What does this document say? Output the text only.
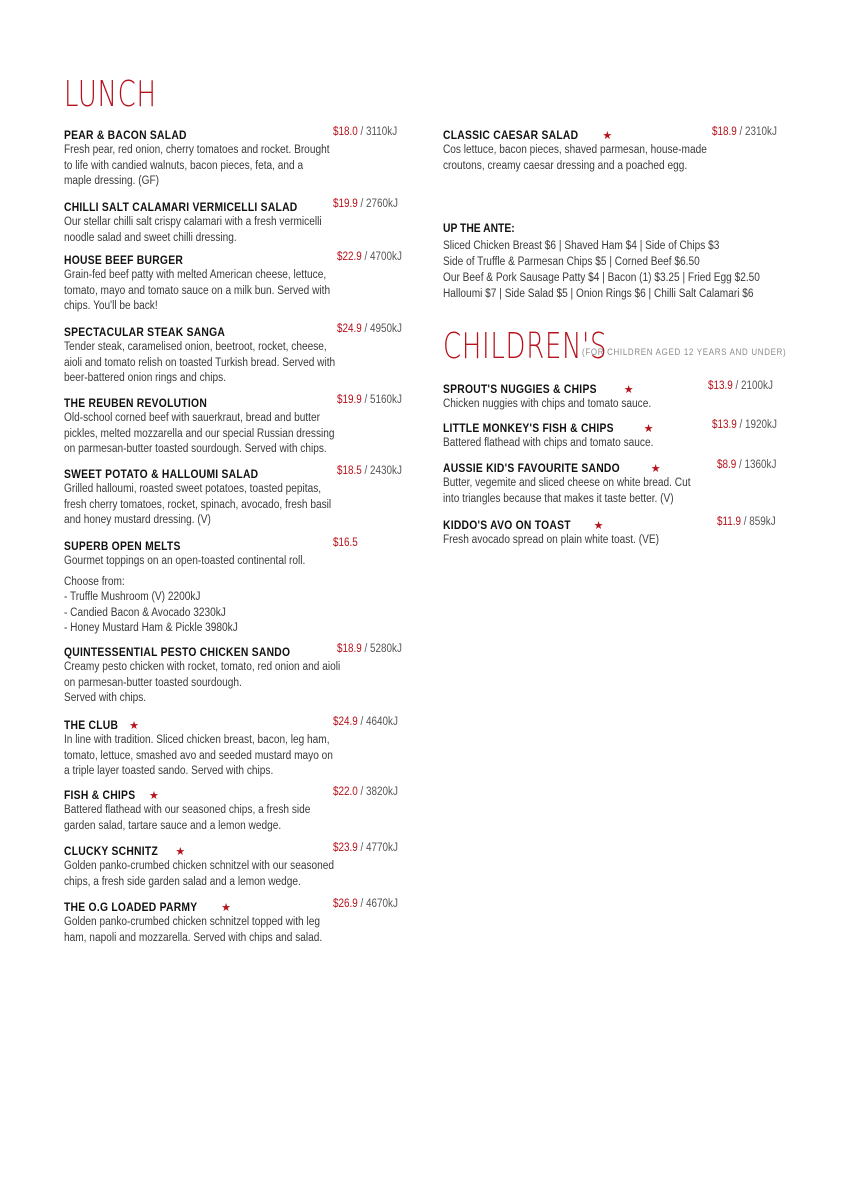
LUNCH
PEAR & BACON SALAD	$18.0 / 3110kJ
Fresh pear, red onion, cherry tomatoes and rocket. Brought
to life with candied walnuts, bacon pieces, feta, and a
maple dressing. (GF)
CHILLI SALT CALAMARI VERMICELLI SALAD	$19.9 / 2760kJ
Our stellar chilli salt crispy calamari with a fresh vermicelli
noodle salad and sweet chilli dressing.
HOUSE BEEF BURGER	$22.9 / 4700kJ
Grain-fed beef patty with melted American cheese, lettuce,
tomato, mayo and tomato sauce on a milk bun. Served with
chips. You'll be back!
SPECTACULAR STEAK SANGA	$24.9 / 4950kJ
Tender steak, caramelised onion, beetroot, rocket, cheese,
aioli and tomato relish on toasted Turkish bread. Served with
beer-battered onion rings and chips.
THE REUBEN REVOLUTION	$19.9 / 5160kJ
Old-school corned beef with sauerkraut, bread and butter
pickles, melted mozzarella and our special Russian dressing
on parmesan-butter toasted sourdough. Served with chips.
SWEET POTATO & HALLOUMI SALAD	$18.5 / 2430kJ
Grilled halloumi, roasted sweet potatoes, toasted pepitas,
fresh cherry tomatoes, rocket, spinach, avocado, fresh basil
and honey mustard dressing. (V)
SUPERB OPEN MELTS	$16.5
Gourmet toppings on an open-toasted continental roll.
Choose from:
- Truffle Mushroom (V) 2200kJ
- Candied Bacon & Avocado 3230kJ
- Honey Mustard Ham & Pickle 3980kJ
QUINTESSENTIAL PESTO CHICKEN SANDO	$18.9 / 5280kJ
Creamy pesto chicken with rocket, tomato, red onion and aioli
on parmesan-butter toasted sourdough.
Served with chips.
THE CLUB ★	$24.9 / 4640kJ
In line with tradition. Sliced chicken breast, bacon, leg ham,
tomato, lettuce, smashed avo and seeded mustard mayo on
a triple layer toasted sando. Served with chips.
FISH & CHIPS ★	$22.0 / 3820kJ
Battered flathead with our seasoned chips, a fresh side
garden salad, tartare sauce and a lemon wedge.
CLUCKY SCHNITZ ★	$23.9 / 4770kJ
Golden panko-crumbed chicken schnitzel with our seasoned
chips, a fresh side garden salad and a lemon wedge.
THE O.G LOADED PARMY ★	$26.9 / 4670kJ
Golden panko-crumbed chicken schnitzel topped with leg
ham, napoli and mozzarella. Served with chips and salad.
CLASSIC CAESAR SALAD ★	$18.9 / 2310kJ
Cos lettuce, bacon pieces, shaved parmesan, house-made
croutons, creamy caesar dressing and a poached egg.
UP THE ANTE:
Sliced Chicken Breast $6 | Shaved Ham $4 | Side of Chips $3
Side of Truffle & Parmesan Chips $5 | Corned Beef $6.50
Our Beef & Pork Sausage Patty $4 | Bacon (1) $3.25 | Fried Egg $2.50
Halloumi $7 | Side Salad $5 | Onion Rings $6 | Chilli Salt Calamari $6
CHILDREN'S
(FOR CHILDREN AGED 12 YEARS AND UNDER)
SPROUT'S NUGGIES & CHIPS ★	$13.9 / 2100kJ
Chicken nuggies with chips and tomato sauce.
LITTLE MONKEY'S FISH & CHIPS	★	$13.9 / 1920kJ
Battered flathead with chips and tomato sauce.
AUSSIE KID'S FAVOURITE SANDO	★	$8.9 / 1360kJ
Butter, vegemite and sliced cheese on white bread. Cut
into triangles because that makes it taste better. (V)
KIDDO'S AVO ON TOAST ★	$11.9 / 859kJ
Fresh avocado spread on plain white toast. (VE)
